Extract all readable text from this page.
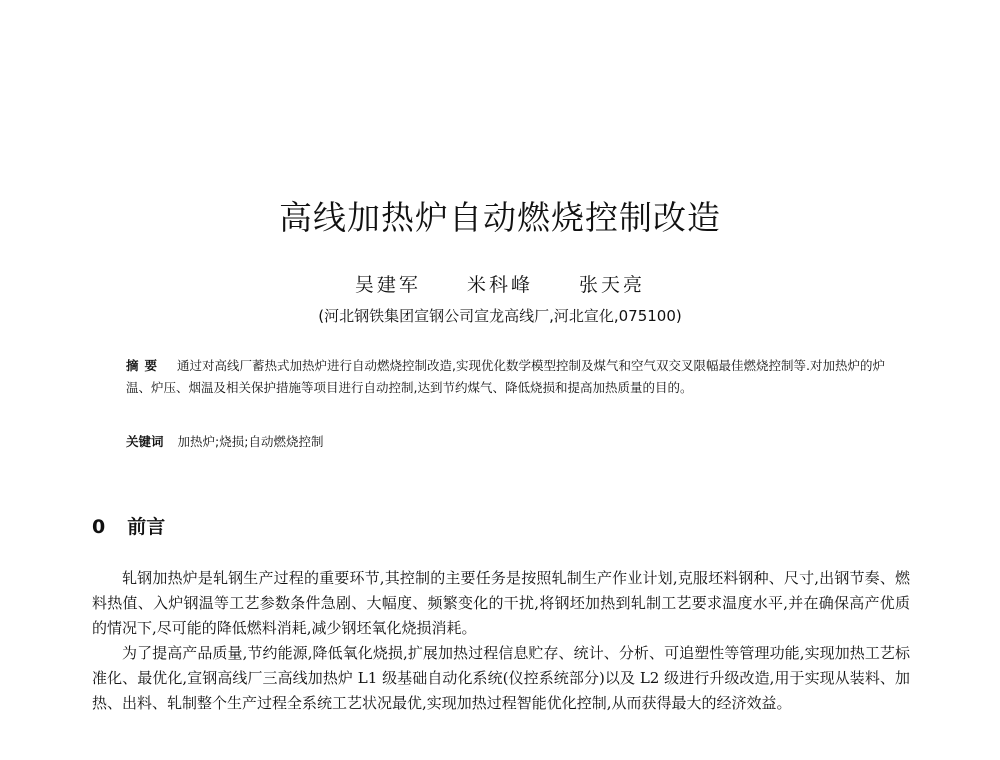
高线加热炉自动燃烧控制改造
吴建军 米科峰 张天亮
(河北钢铁集团宣钢公司宣龙高线厂,河北宣化,075100)
摘要 通过对高线厂蓄热式加热炉进行自动燃烧控制改造,实现优化数学模型控制及煤气和空气双交叉限幅最佳燃烧控制等.对加热炉的炉温、炉压、烟温及相关保护措施等项目进行自动控制,达到节约煤气、降低烧损和提高加热质量的目的。
关键词 加热炉;烧损;自动燃烧控制
0 前言

轧钢加热炉是轧钢生产过程的重要环节,其控制的主要任务是按照轧制生产作业计划,克服坯料钢种、尺寸,出钢节奏、燃料热值、入炉钢温等工艺参数条件急剧、大幅度、频繁变化的干扰,将钢坯加热到轧制工艺要求温度水平,并在确保高产优质的情况下,尽可能的降低燃料消耗,减少钢坯氧化烧损消耗。

为了提高产品质量,节约能源,降低氧化烧损,扩展加热过程信息贮存、统计、分析、可追塑性等管理功能,实现加热工艺标准化、最优化,宣钢高线厂三高线加热炉 L1 级基础自动化系统(仪控系统部分)以及 L2 级进行升级改造,用于实现从装料、加热、出料、轧制整个生产过程全系统工艺状况最优,实现加热过程智能优化控制,从而获得最大的经济效益。
